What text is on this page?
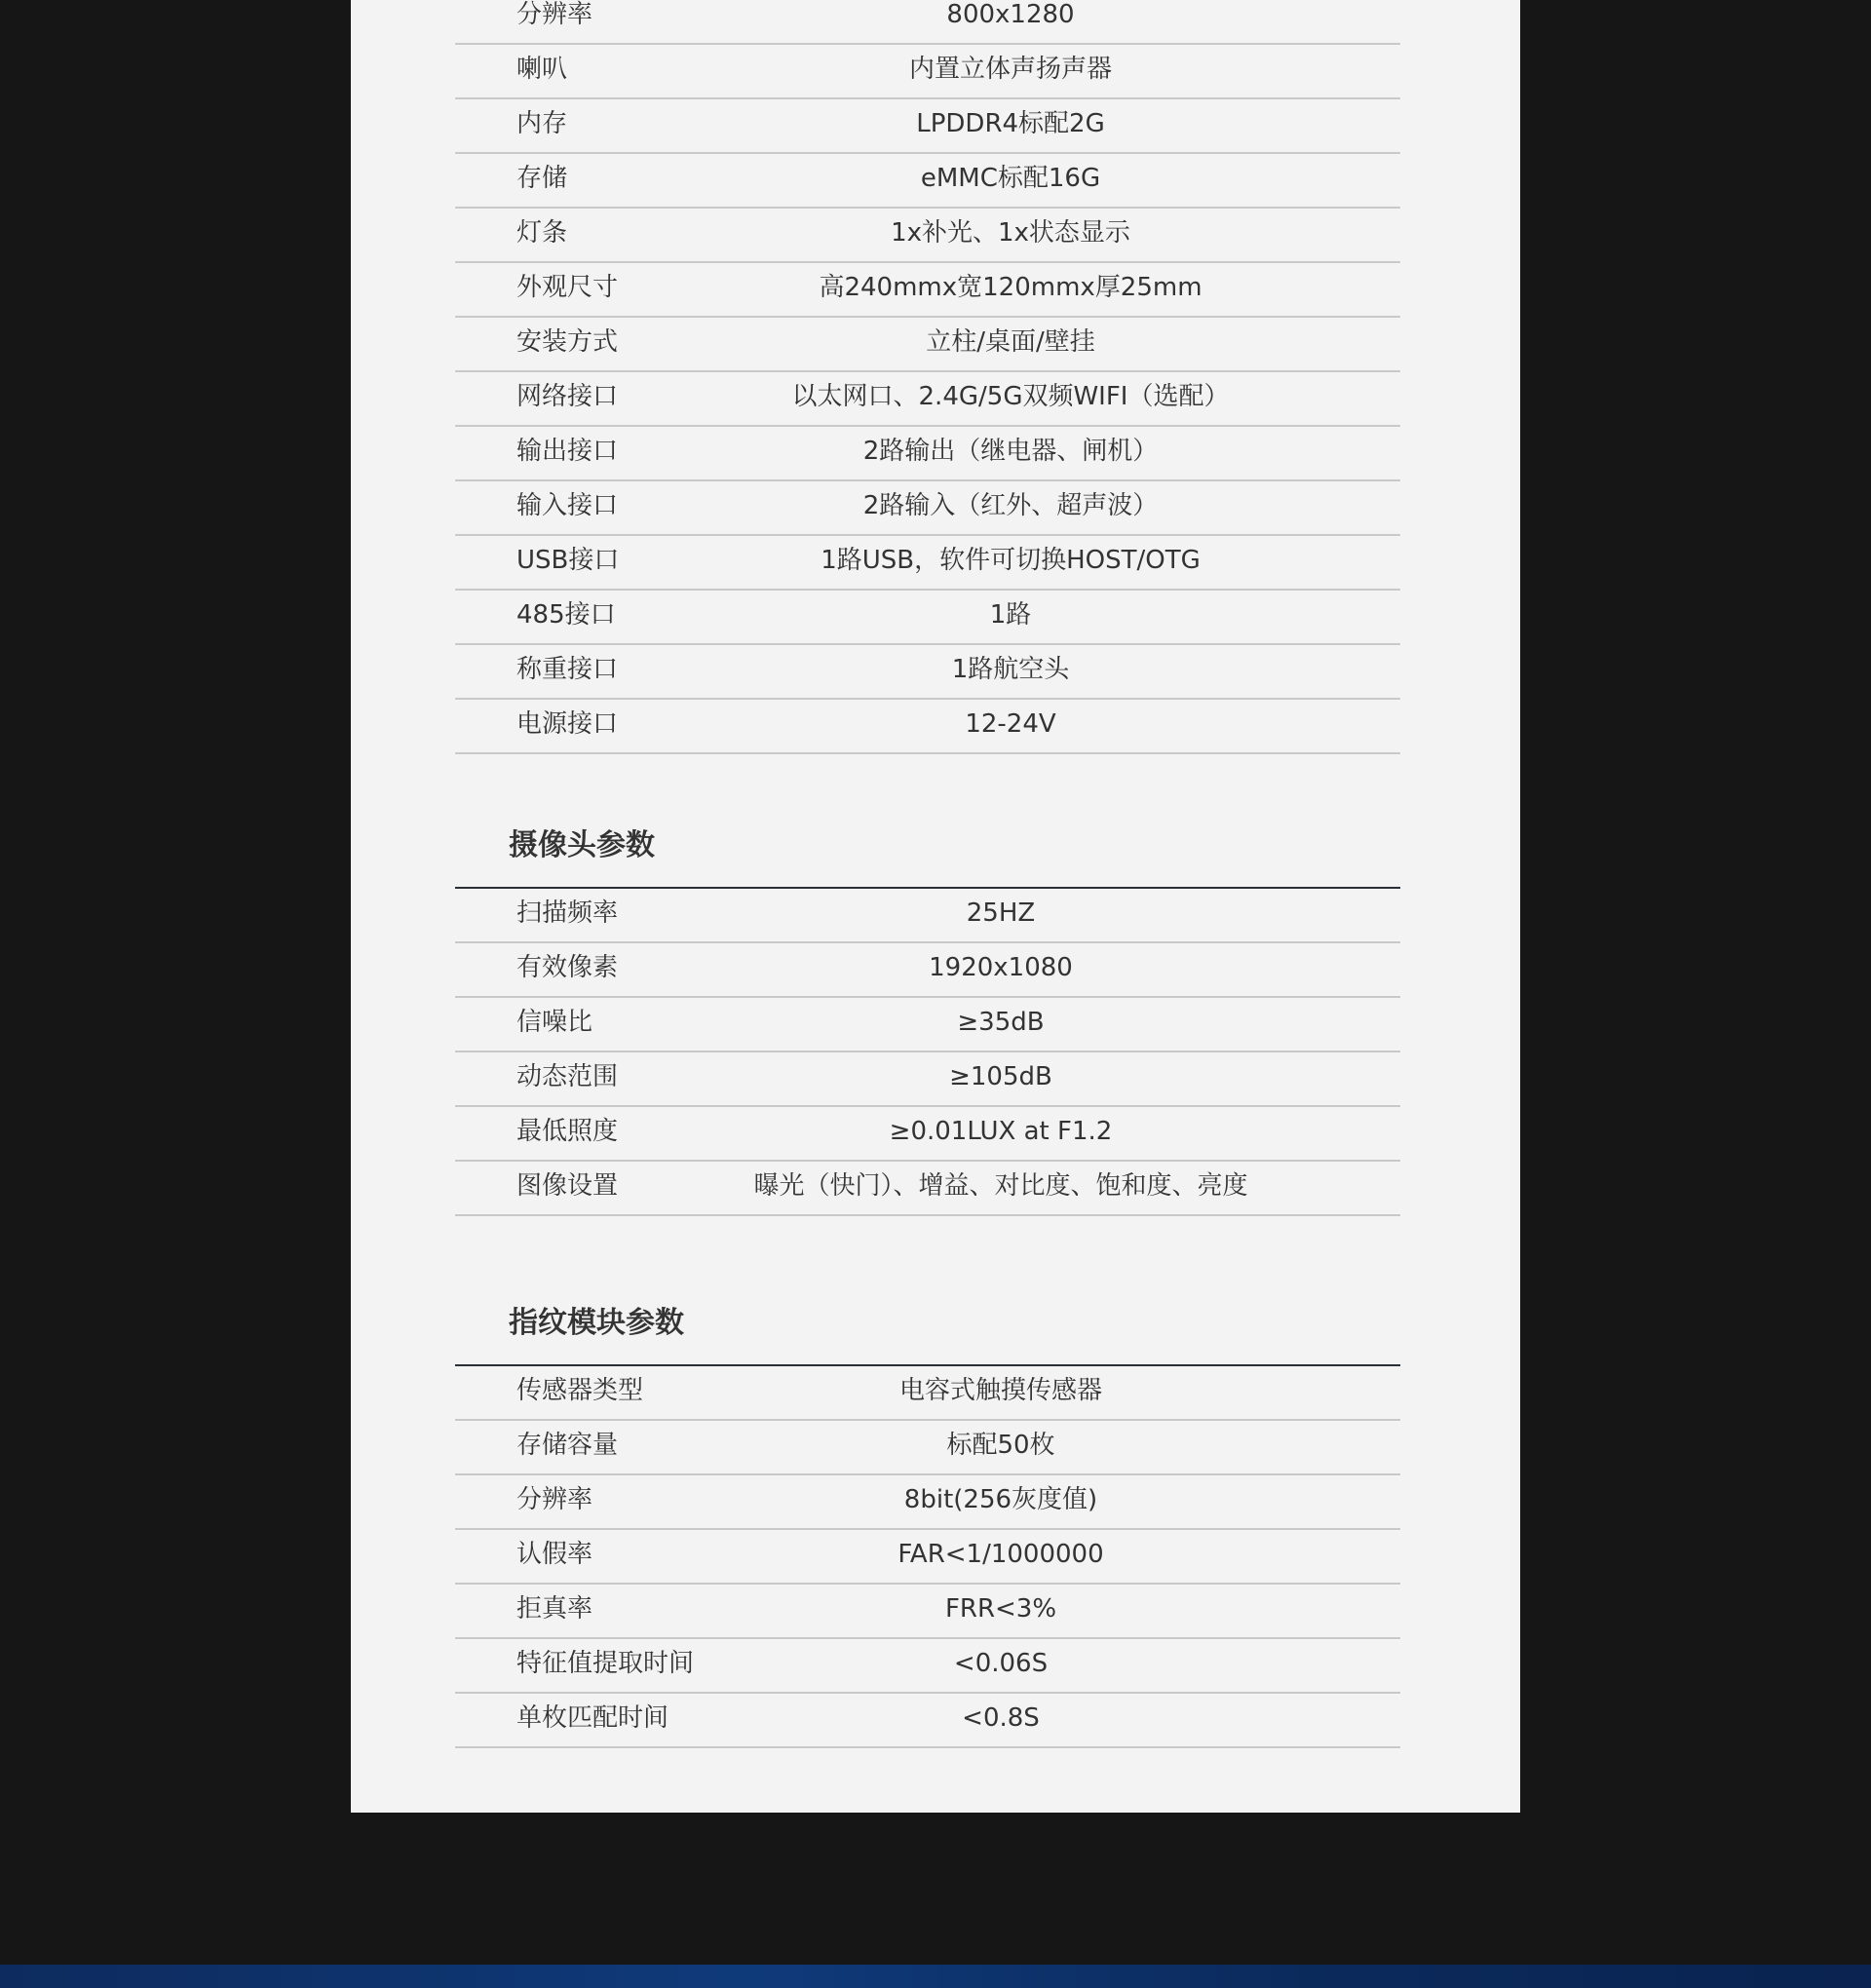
分辨率	800x1280
喇叭	内置立体声扬声器
内存	LPDDR4标配2G
存储	eMMC标配16G
灯条	1x补光、1x状态显示
外观尺寸	高240mmx宽120mmx厚25mm
安装方式	立柱/桌面/壁挂
网络接口	以太网口、2.4G/5G双频WIFI（选配）
输出接口	2路输出（继电器、闸机）
输入接口	2路输入（红外、超声波）
USB接口	1路USB，软件可切换HOST/OTG
485接口	1路
称重接口	1路航空头
电源接口	12-24V
摄像头参数
扫描频率	25HZ
有效像素	1920x1080
信噪比	≥35dB
动态范围	≥105dB
最低照度	≥0.01LUX at F1.2
图像设置	曝光（快门）、增益、对比度、饱和度、亮度
指纹模块参数
传感器类型	电容式触摸传感器
存储容量	标配50枚
分辨率	8bit(256灰度值)
认假率	FAR<1/1000000
拒真率	FRR<3%
特征值提取时间	<0.06S
单枚匹配时间	<0.8S
